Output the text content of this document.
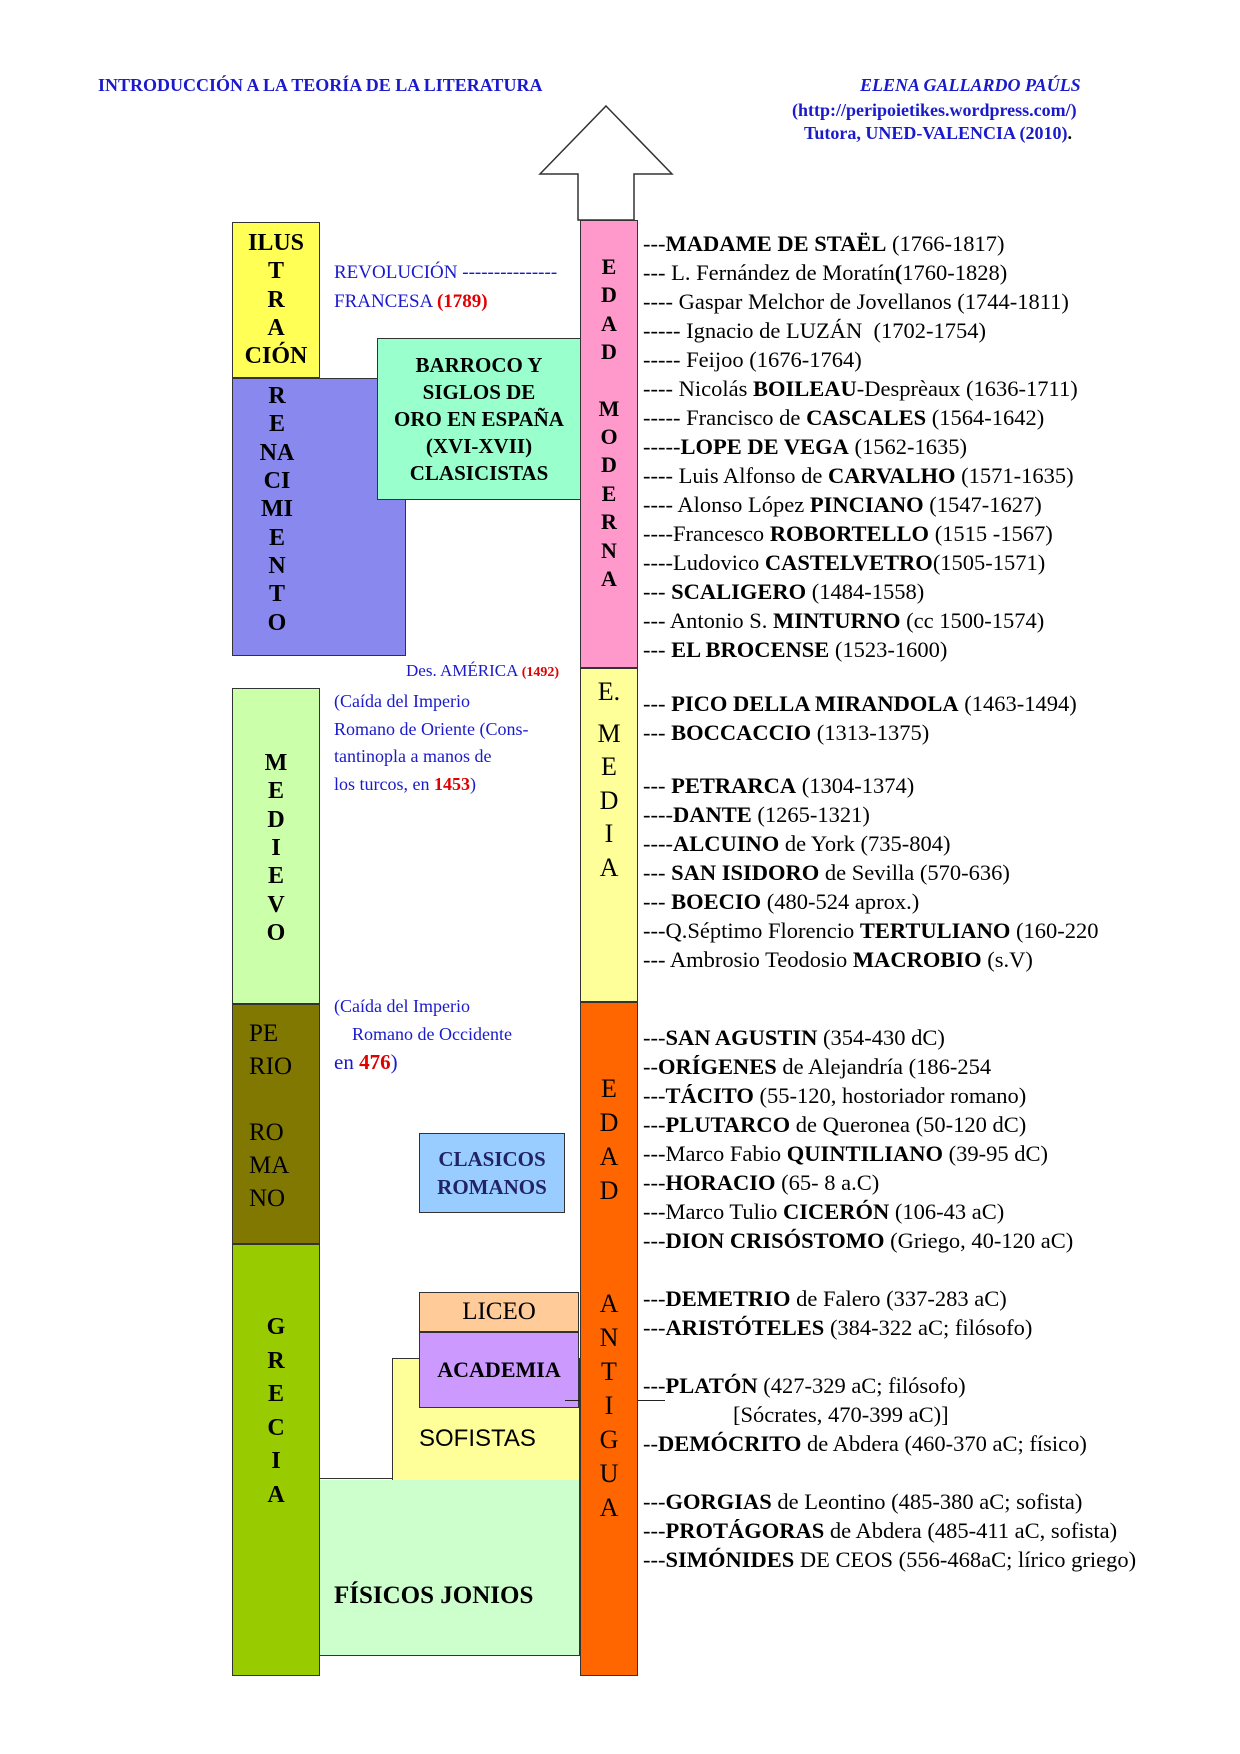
INTRODUCCIÓN A LA TEORÍA DE LA LITERATURA	ELENA GALLARDO PAÚLS
(http://peripoietikes.wordpress.com/)
Tutora, UNED-VALENCIA (2010).
ILUS
T
R
A
CIÓN
R
E
NA
CI
MI
E
N
T
O
M
E
D
I
E
V
O
PE
RIO
RO
MA
NO
G
R
E
C
I
A
BARROCO Y
SIGLOS DE
ORO EN ESPAÑA
(XVI-XVII)
CLASICISTAS
CLASICOS
ROMANOS
SOFISTAS
FÍSICOS JONIOS
LICEO
ACADEMIA
E
D
A
D
M
O
D
E
R
N
A
E.
M
E
D
I
A
E
D
A
D
A
N
T
I
G
U
A
REVOLUCIÓN ---------------
FRANCESA (1789)
Des. AMÉRICA (1492)
(Caída del Imperio
Romano de Oriente (Cons-
tantinopla a manos de
los turcos, en 1453)
(Caída del Imperio
Romano de Occidente
en 476)
---MADAME DE STAËL (1766-1817)
--- L. Fernández de Moratín(1760-1828)
---- Gaspar Melchor de Jovellanos (1744-1811)
----- Ignacio de LUZÁN  (1702-1754)
----- Feijoo (1676-1764)
---- Nicolás BOILEAU-Desprèaux (1636-1711)
----- Francisco de CASCALES (1564-1642)
-----LOPE DE VEGA (1562-1635)
---- Luis Alfonso de CARVALHO (1571-1635)
---- Alonso López PINCIANO (1547-1627)
----Francesco ROBORTELLO (1515 -1567)
----Ludovico CASTELVETRO(1505-1571)
--- SCALIGERO (1484-1558)
--- Antonio S. MINTURNO (cc 1500-1574)
--- EL BROCENSE (1523-1600)
--- PICO DELLA MIRANDOLA (1463-1494)
--- BOCCACCIO (1313-1375)
--- PETRARCA (1304-1374)
----DANTE (1265-1321)
----ALCUINO de York (735-804)
--- SAN ISIDORO de Sevilla (570-636)
--- BOECIO (480-524 aprox.)
---Q.Séptimo Florencio TERTULIANO (160-220
--- Ambrosio Teodosio MACROBIO (s.V)
---SAN AGUSTIN (354-430 dC)
--ORÍGENES de Alejandría (186-254
---TÁCITO (55-120, hostoriador romano)
---PLUTARCO de Queronea (50-120 dC)
---Marco Fabio QUINTILIANO (39-95 dC)
---HORACIO (65- 8 a.C)
---Marco Tulio CICERÓN (106-43 aC)
---DION CRISÓSTOMO (Griego, 40-120 aC)
---DEMETRIO de Falero (337-283 aC)
---ARISTÓTELES (384-322 aC; filósofo)
---PLATÓN (427-329 aC; filósofo)
[Sócrates, 470-399 aC)]
--DEMÓCRITO de Abdera (460-370 aC; físico)
---GORGIAS de Leontino (485-380 aC; sofista)
---PROTÁGORAS de Abdera (485-411 aC, sofista)
---SIMÓNIDES DE CEOS (556-468aC; lírico griego)
